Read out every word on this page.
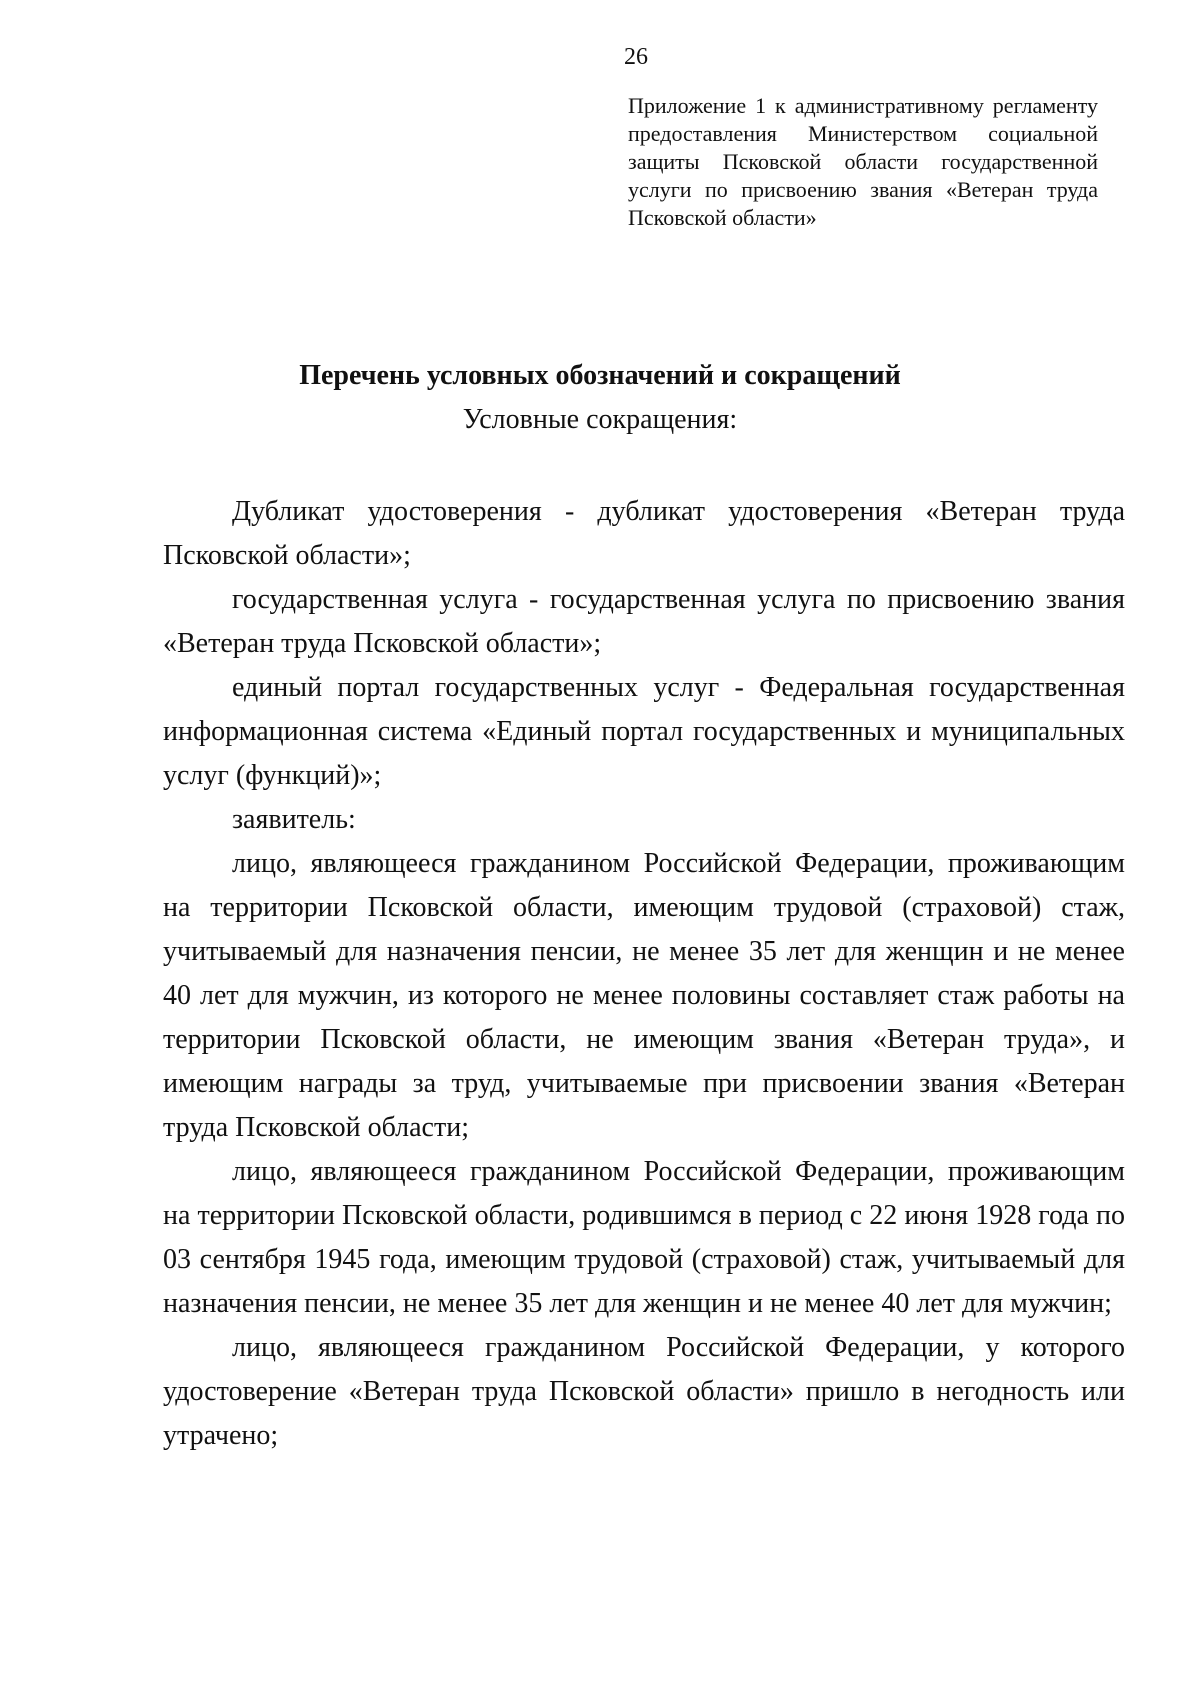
26
Приложение 1 к административному регламенту предоставления Министерством социальной защиты Псковской области государственной услуги по присвоению звания «Ветеран труда Псковской области»
Перечень условных обозначений и сокращений
Условные сокращения:

Дубликат удостоверения - дубликат удостоверения «Ветеран труда Псковской области»;

государственная услуга - государственная услуга по присвоению звания «Ветеран труда Псковской области»;

единый портал государственных услуг - Федеральная государственная информационная система «Единый портал государственных и муниципальных услуг (функций)»;

заявитель:

лицо, являющееся гражданином Российской Федерации, проживающим на территории Псковской области, имеющим трудовой (страховой) стаж, учитываемый для назначения пенсии, не менее 35 лет для женщин и не менее 40 лет для мужчин, из которого не менее половины составляет стаж работы на территории Псковской области, не имеющим звания «Ветеран труда», и имеющим награды за труд, учитываемые при присвоении звания «Ветеран труда Псковской области;

лицо, являющееся гражданином Российской Федерации, проживающим на территории Псковской области, родившимся в период с 22 июня 1928 года по 03 сентября 1945 года, имеющим трудовой (страховой) стаж, учитываемый для назначения пенсии, не менее 35 лет для женщин и не менее 40 лет для мужчин;

лицо, являющееся гражданином Российской Федерации, у которого удостоверение «Ветеран труда Псковской области» пришло в негодность или утрачено;
